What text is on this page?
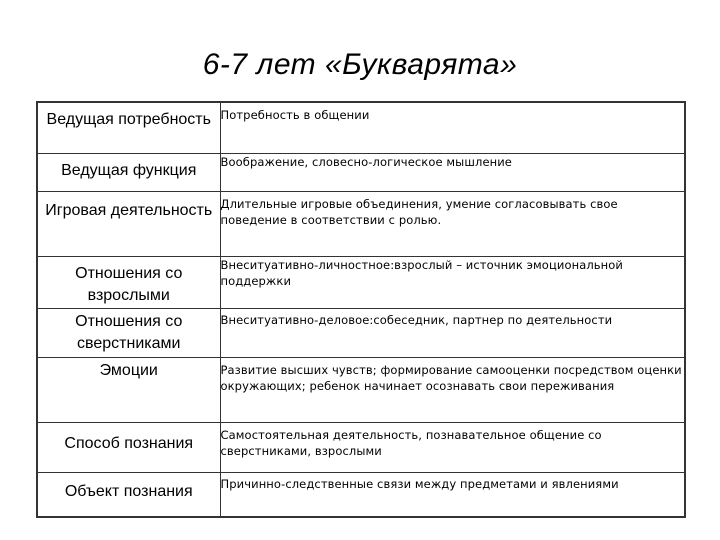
6-7 лет «Букварята»
Ведущая потребность	Потребность в общении
Ведущая функция	Воображение, словесно-логическое мышление
Игровая деятельность	Длительные игровые объединения, умение согласовывать свое поведение в соответствии с ролью.
Отношения со взрослыми	Внеситуативно-личностное:взрослый – источник эмоциональной поддержки
Отношения со сверстниками	Внеситуативно-деловое:собеседник, партнер по деятельности
Эмоции	Развитие высших чувств; формирование самооценки посредством оценки окружающих; ребенок начинает осознавать свои переживания
Способ познания	Самостоятельная деятельность, познавательное общение со сверстниками, взрослыми
Объект познания	Причинно-следственные связи между предметами и явлениями
